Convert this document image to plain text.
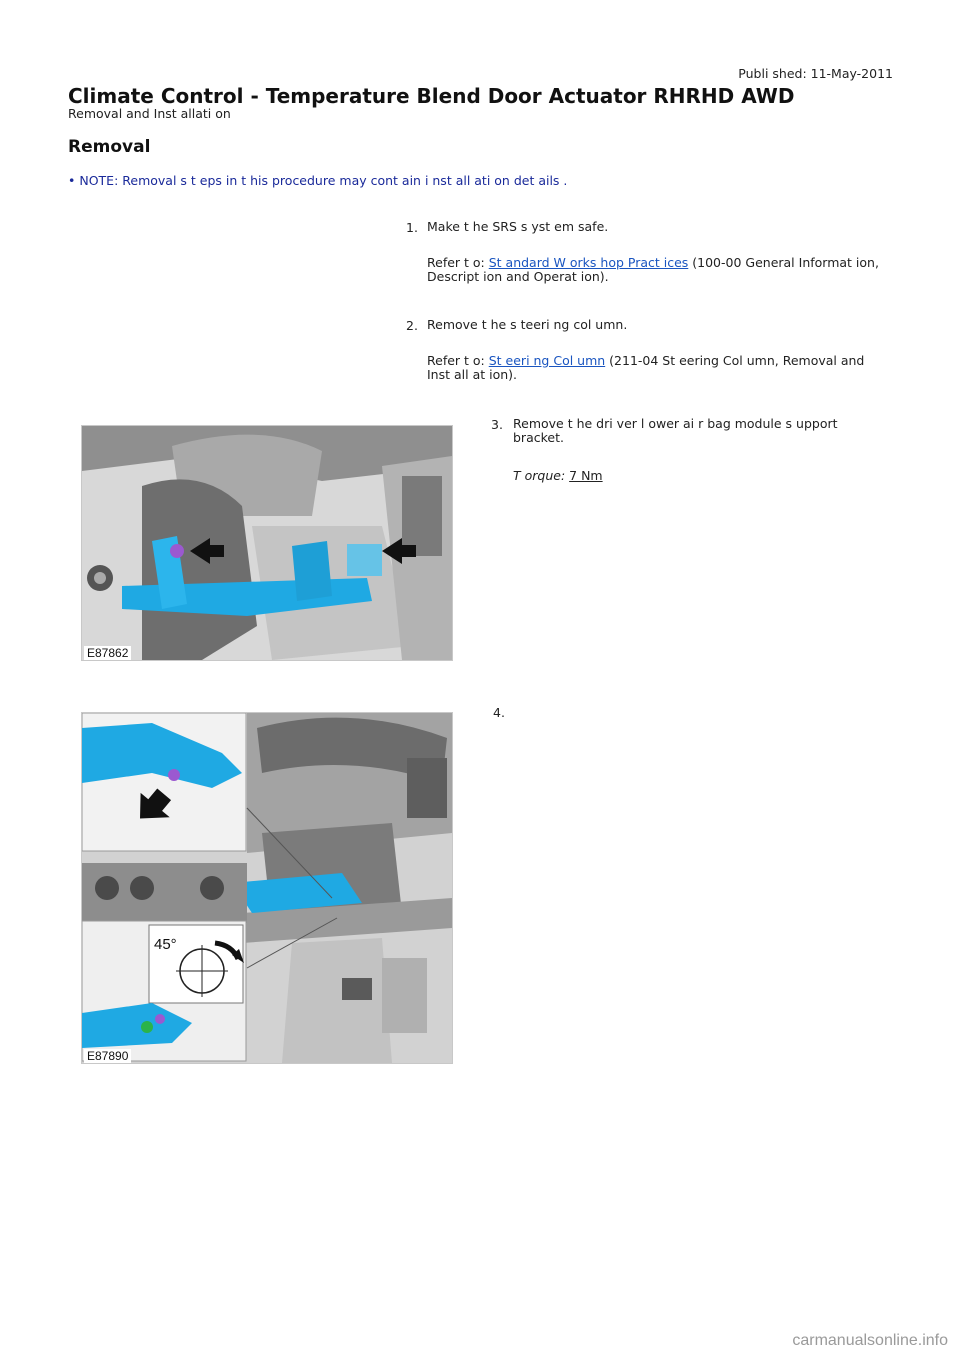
Publi shed: 11-May-2011
Climate Control - Temperature Blend Door Actuator RHRHD AWD
Removal and Inst allati on
Removal
• NOTE: Removal s t eps in t his procedure may cont ain i nst all ati on det ails .
1. Make t he SRS s yst em safe.
Refer t o: St andard W orks hop Pract ices (100-00 General Informat ion, Descript ion and Operat ion).
2. Remove t he s teeri ng col umn.
Refer t o: St eeri ng Col umn (211-04 St eering Col umn, Removal and Inst all at ion).
3. Remove t he dri ver l ower ai r bag module s upport bracket.
T orque: 7 Nm
E87862
4.
45°
E87890
carmanualsonline.info
